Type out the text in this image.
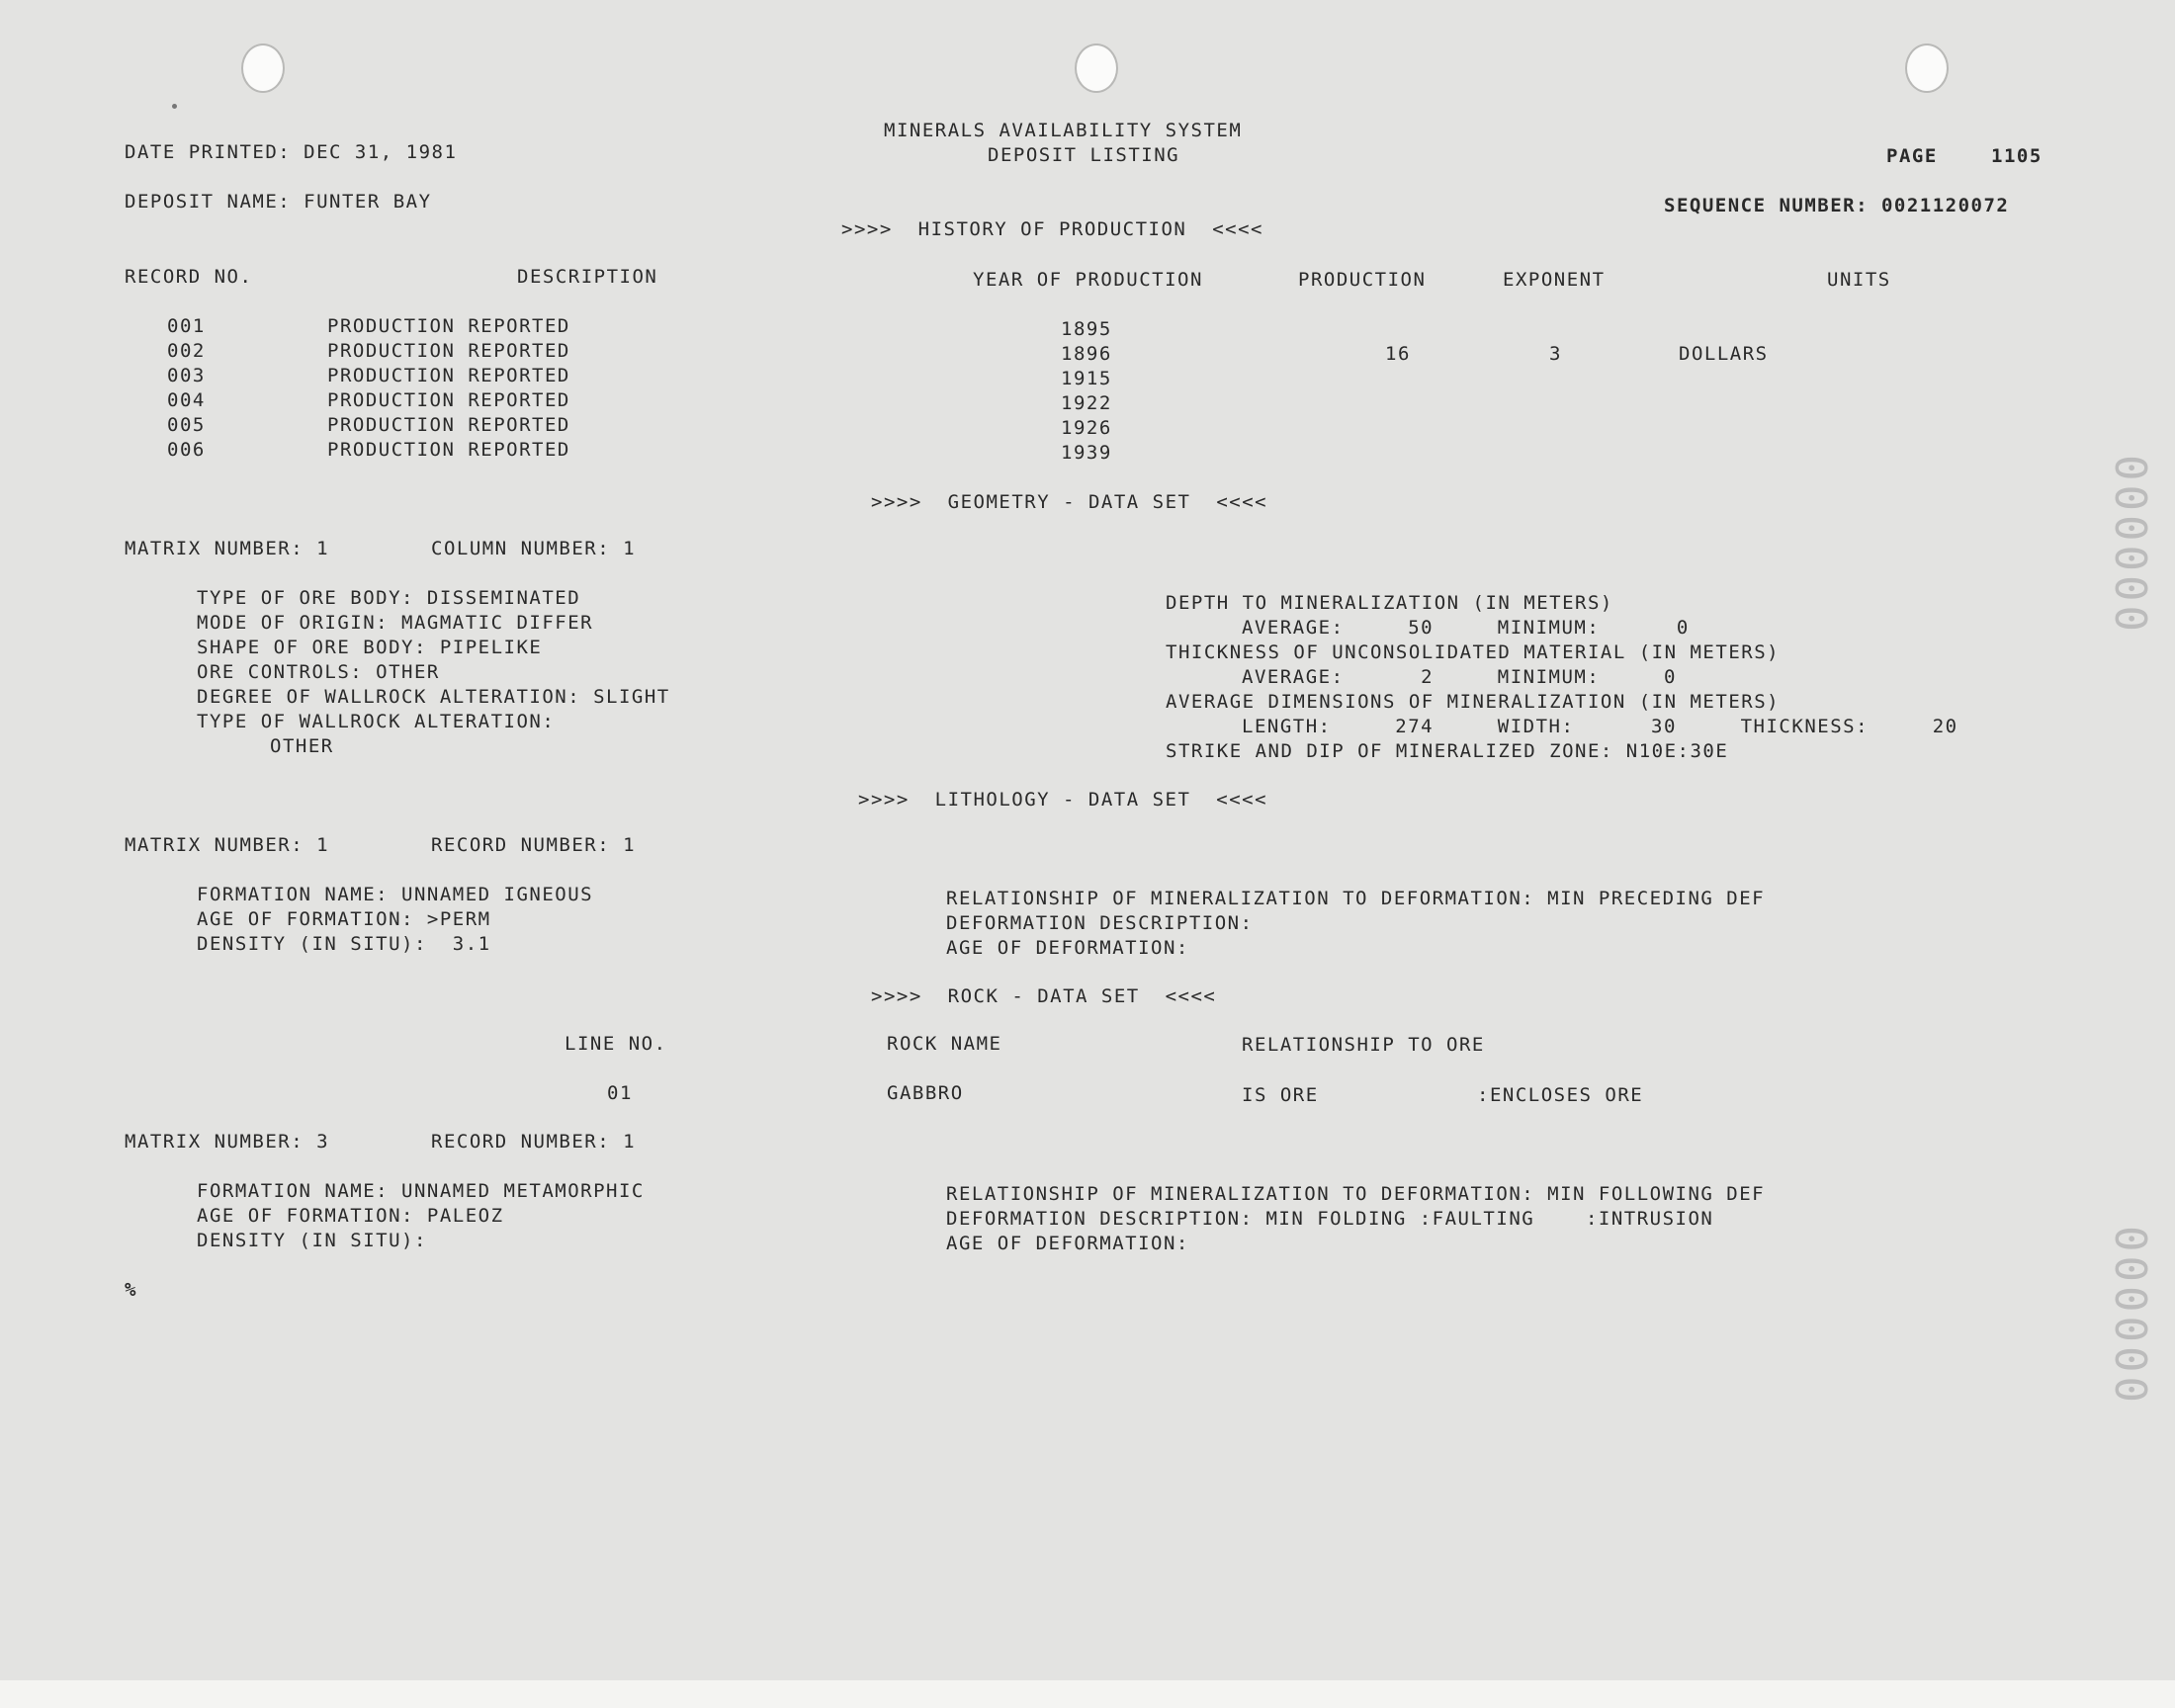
MINERALS AVAILABILITY SYSTEM
DEPOSIT LISTING
DATE PRINTED: DEC 31, 1981	PAGE	1105
DEPOSIT NAME: FUNTER BAY	SEQUENCE NUMBER: 0021120072
>>>>  HISTORY OF PRODUCTION  <<<<
RECORD NO.	DESCRIPTION	YEAR OF PRODUCTION	PRODUCTION	EXPONENT	UNITS
001	PRODUCTION REPORTED	1895
002	PRODUCTION REPORTED	1896	16	3	DOLLARS
003	PRODUCTION REPORTED	1915
004	PRODUCTION REPORTED	1922
005	PRODUCTION REPORTED	1926
006	PRODUCTION REPORTED	1939
>>>>  GEOMETRY - DATA SET  <<<<
MATRIX NUMBER: 1	COLUMN NUMBER: 1
TYPE OF ORE BODY: DISSEMINATED
MODE OF ORIGIN: MAGMATIC DIFFER
SHAPE OF ORE BODY: PIPELIKE
ORE CONTROLS: OTHER
DEGREE OF WALLROCK ALTERATION: SLIGHT
TYPE OF WALLROCK ALTERATION:
OTHER
DEPTH TO MINERALIZATION (IN METERS)
AVERAGE:     50     MINIMUM:      0
THICKNESS OF UNCONSOLIDATED MATERIAL (IN METERS)
AVERAGE:      2     MINIMUM:     0
AVERAGE DIMENSIONS OF MINERALIZATION (IN METERS)
LENGTH:     274     WIDTH:      30     THICKNESS:     20
STRIKE AND DIP OF MINERALIZED ZONE: N10E:30E
>>>>  LITHOLOGY - DATA SET  <<<<
MATRIX NUMBER: 1	RECORD NUMBER: 1
FORMATION NAME: UNNAMED IGNEOUS
AGE OF FORMATION: >PERM
DENSITY (IN SITU):  3.1
RELATIONSHIP OF MINERALIZATION TO DEFORMATION: MIN PRECEDING DEF
DEFORMATION DESCRIPTION:
AGE OF DEFORMATION:
>>>>  ROCK - DATA SET  <<<<
LINE NO.	ROCK NAME	RELATIONSHIP TO ORE
01	GABBRO	IS ORE	:ENCLOSES ORE
MATRIX NUMBER: 3	RECORD NUMBER: 1
FORMATION NAME: UNNAMED METAMORPHIC
AGE OF FORMATION: PALEOZ
DENSITY (IN SITU):
RELATIONSHIP OF MINERALIZATION TO DEFORMATION: MIN FOLLOWING DEF
DEFORMATION DESCRIPTION: MIN FOLDING :FAULTING    :INTRUSION
AGE OF DEFORMATION:
%
000000
000000
